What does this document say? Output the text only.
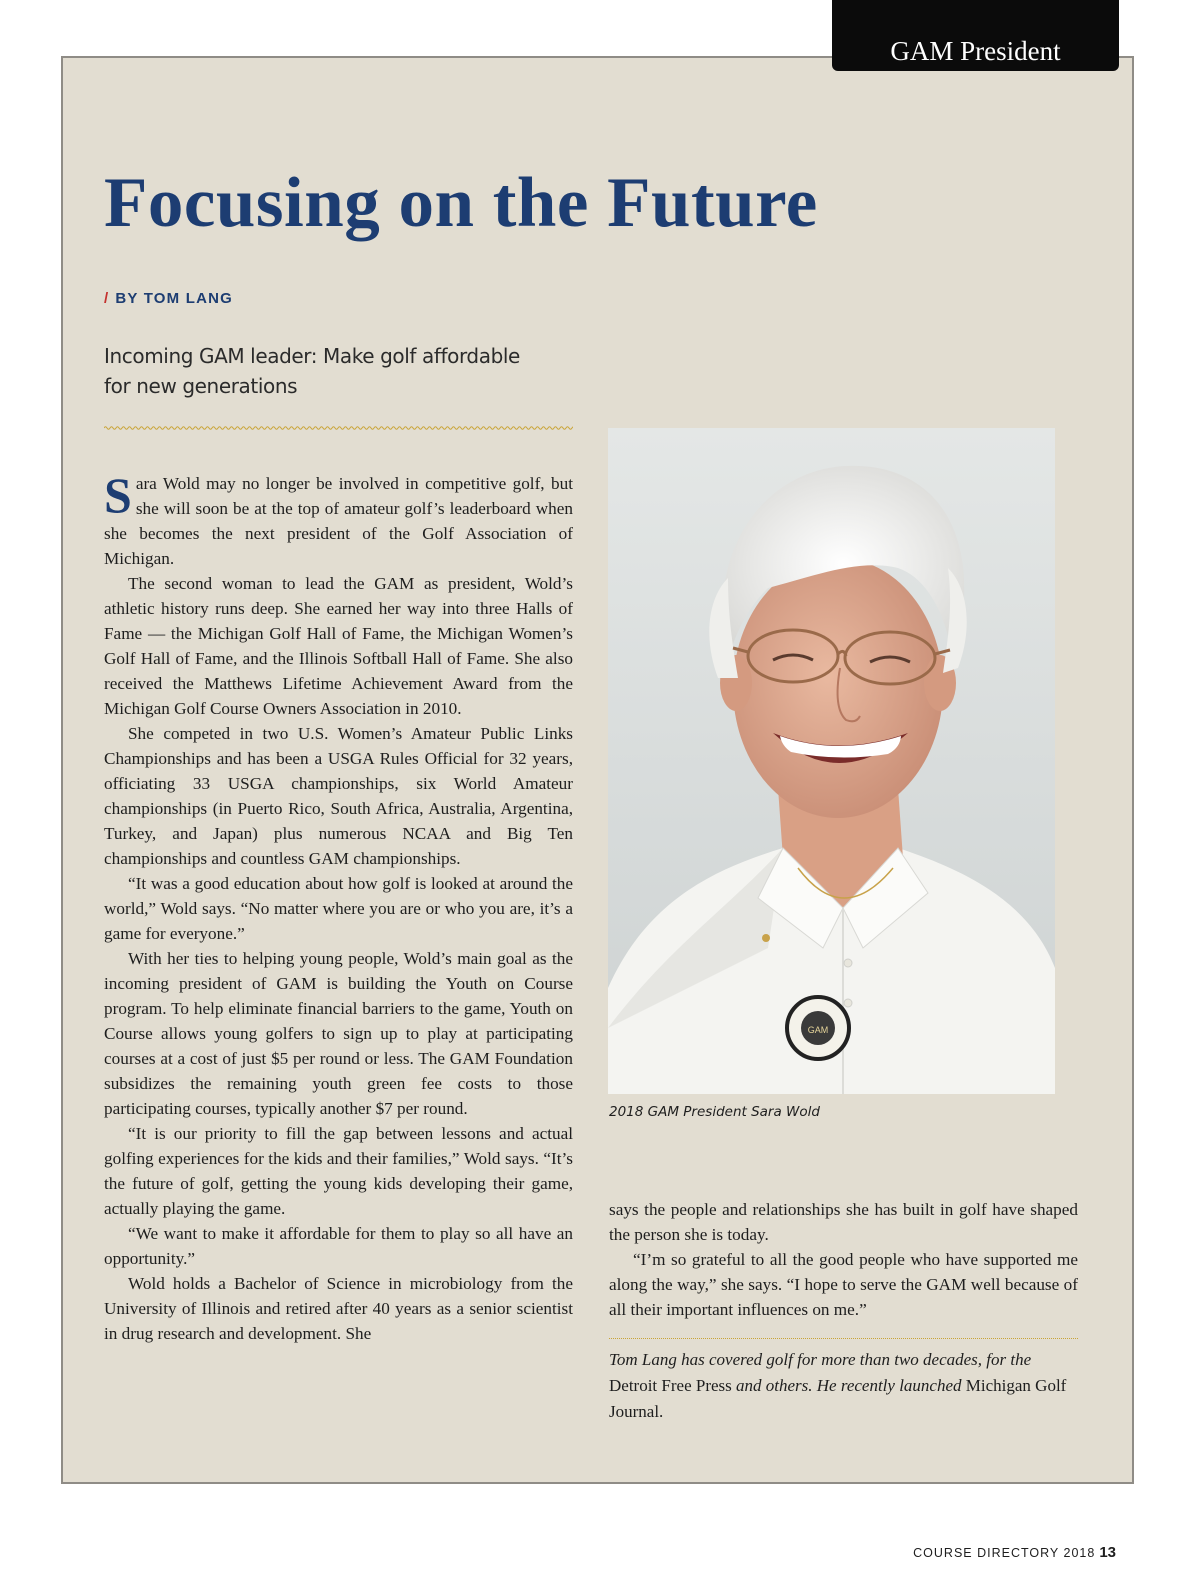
GAM President
Focusing on the Future
/ BY TOM LANG
Incoming GAM leader: Make golf affordable
for new generations

Sara Wold may no longer be involved in competitive golf, but she will soon be at the top of amateur golf’s leaderboard when she becomes the next president of the Golf Association of Michigan.

The second woman to lead the GAM as president, Wold’s athletic history runs deep. She earned her way into three Halls of Fame — the Michigan Golf Hall of Fame, the Michigan Women’s Golf Hall of Fame, and the Illinois Softball Hall of Fame. She also received the Matthews Lifetime Achievement Award from the Michigan Golf Course Owners Association in 2010.

She competed in two U.S. Women’s Amateur Public Links Championships and has been a USGA Rules Official for 32 years, officiating 33 USGA championships, six World Amateur championships (in Puerto Rico, South Africa, Australia, Argentina, Turkey, and Japan) plus numerous NCAA and Big Ten championships and countless GAM championships.

“It was a good education about how golf is looked at around the world,” Wold says. “No matter where you are or who you are, it’s a game for everyone.”

With her ties to helping young people, Wold’s main goal as the incoming president of GAM is building the Youth on Course program. To help eliminate financial barriers to the game, Youth on Course allows young golfers to sign up to play at participating courses at a cost of just $5 per round or less. The GAM Foundation subsidizes the remaining youth green fee costs to those participating courses, typically another $7 per round.

“It is our priority to fill the gap between lessons and actual golfing experiences for the kids and their families,” Wold says. “It’s the future of golf, getting the young kids developing their game, actually playing the game.

“We want to make it affordable for them to play so all have an opportunity.”

Wold holds a Bachelor of Science in microbiology from the University of Illinois and retired after 40 years as a senior scientist in drug research and development. She

GAM
2018 GAM President Sara Wold

says the people and relationships she has built in golf have shaped the person she is today.

“I’m so grateful to all the good people who have supported me along the way,” she says. “I hope to serve the GAM well because of all their important influences on me.”

Tom Lang has covered golf for more than two decades, for the Detroit Free Press and others. He recently launched Michigan Golf Journal.
COURSE DIRECTORY 2018 13
